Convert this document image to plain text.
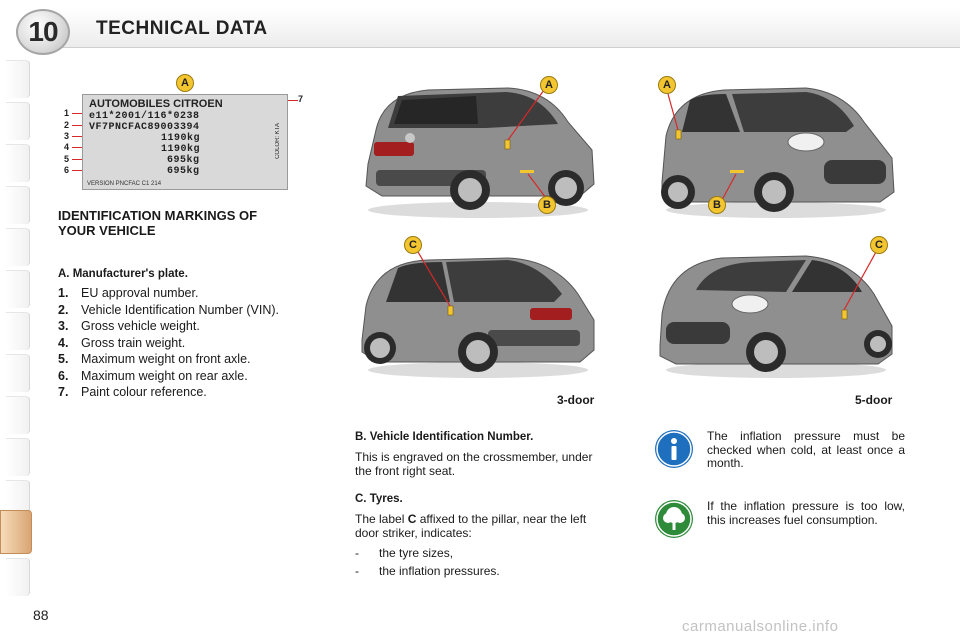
10 TECHNICAL DATA
A
1
2
3
4
5
6
7
AUTOMOBILES CITROEN
e11*2001/116*0238
VF7PNCFAC89003394
1190kg
1190kg
695kg
695kg
COLOR: KTA
VERSION PNCFAC C1 214
IDENTIFICATION MARKINGS OF YOUR VEHICLE
A. Manufacturer's plate.
1.	EU approval number.
2.	Vehicle Identification Number (VIN).
3.	Gross vehicle weight.
4.	Gross train weight.
5.	Maximum weight on front axle.
6.	Maximum weight on rear axle.
7.	Paint colour reference.
A
B
A
B
C	C
3-door	5-door
B. Vehicle Identification Number.

This is engraved on the crossmember, under the front right seat.

C. Tyres.

The label C affixed to the pillar, near the left door striker, indicates:

-	the tyre sizes,
-	the inflation pressures.
The inflation pressure must be checked when cold, at least once a month.
If the inflation pressure is too low, this increases fuel consumption.
88
carmanualsonline.info
